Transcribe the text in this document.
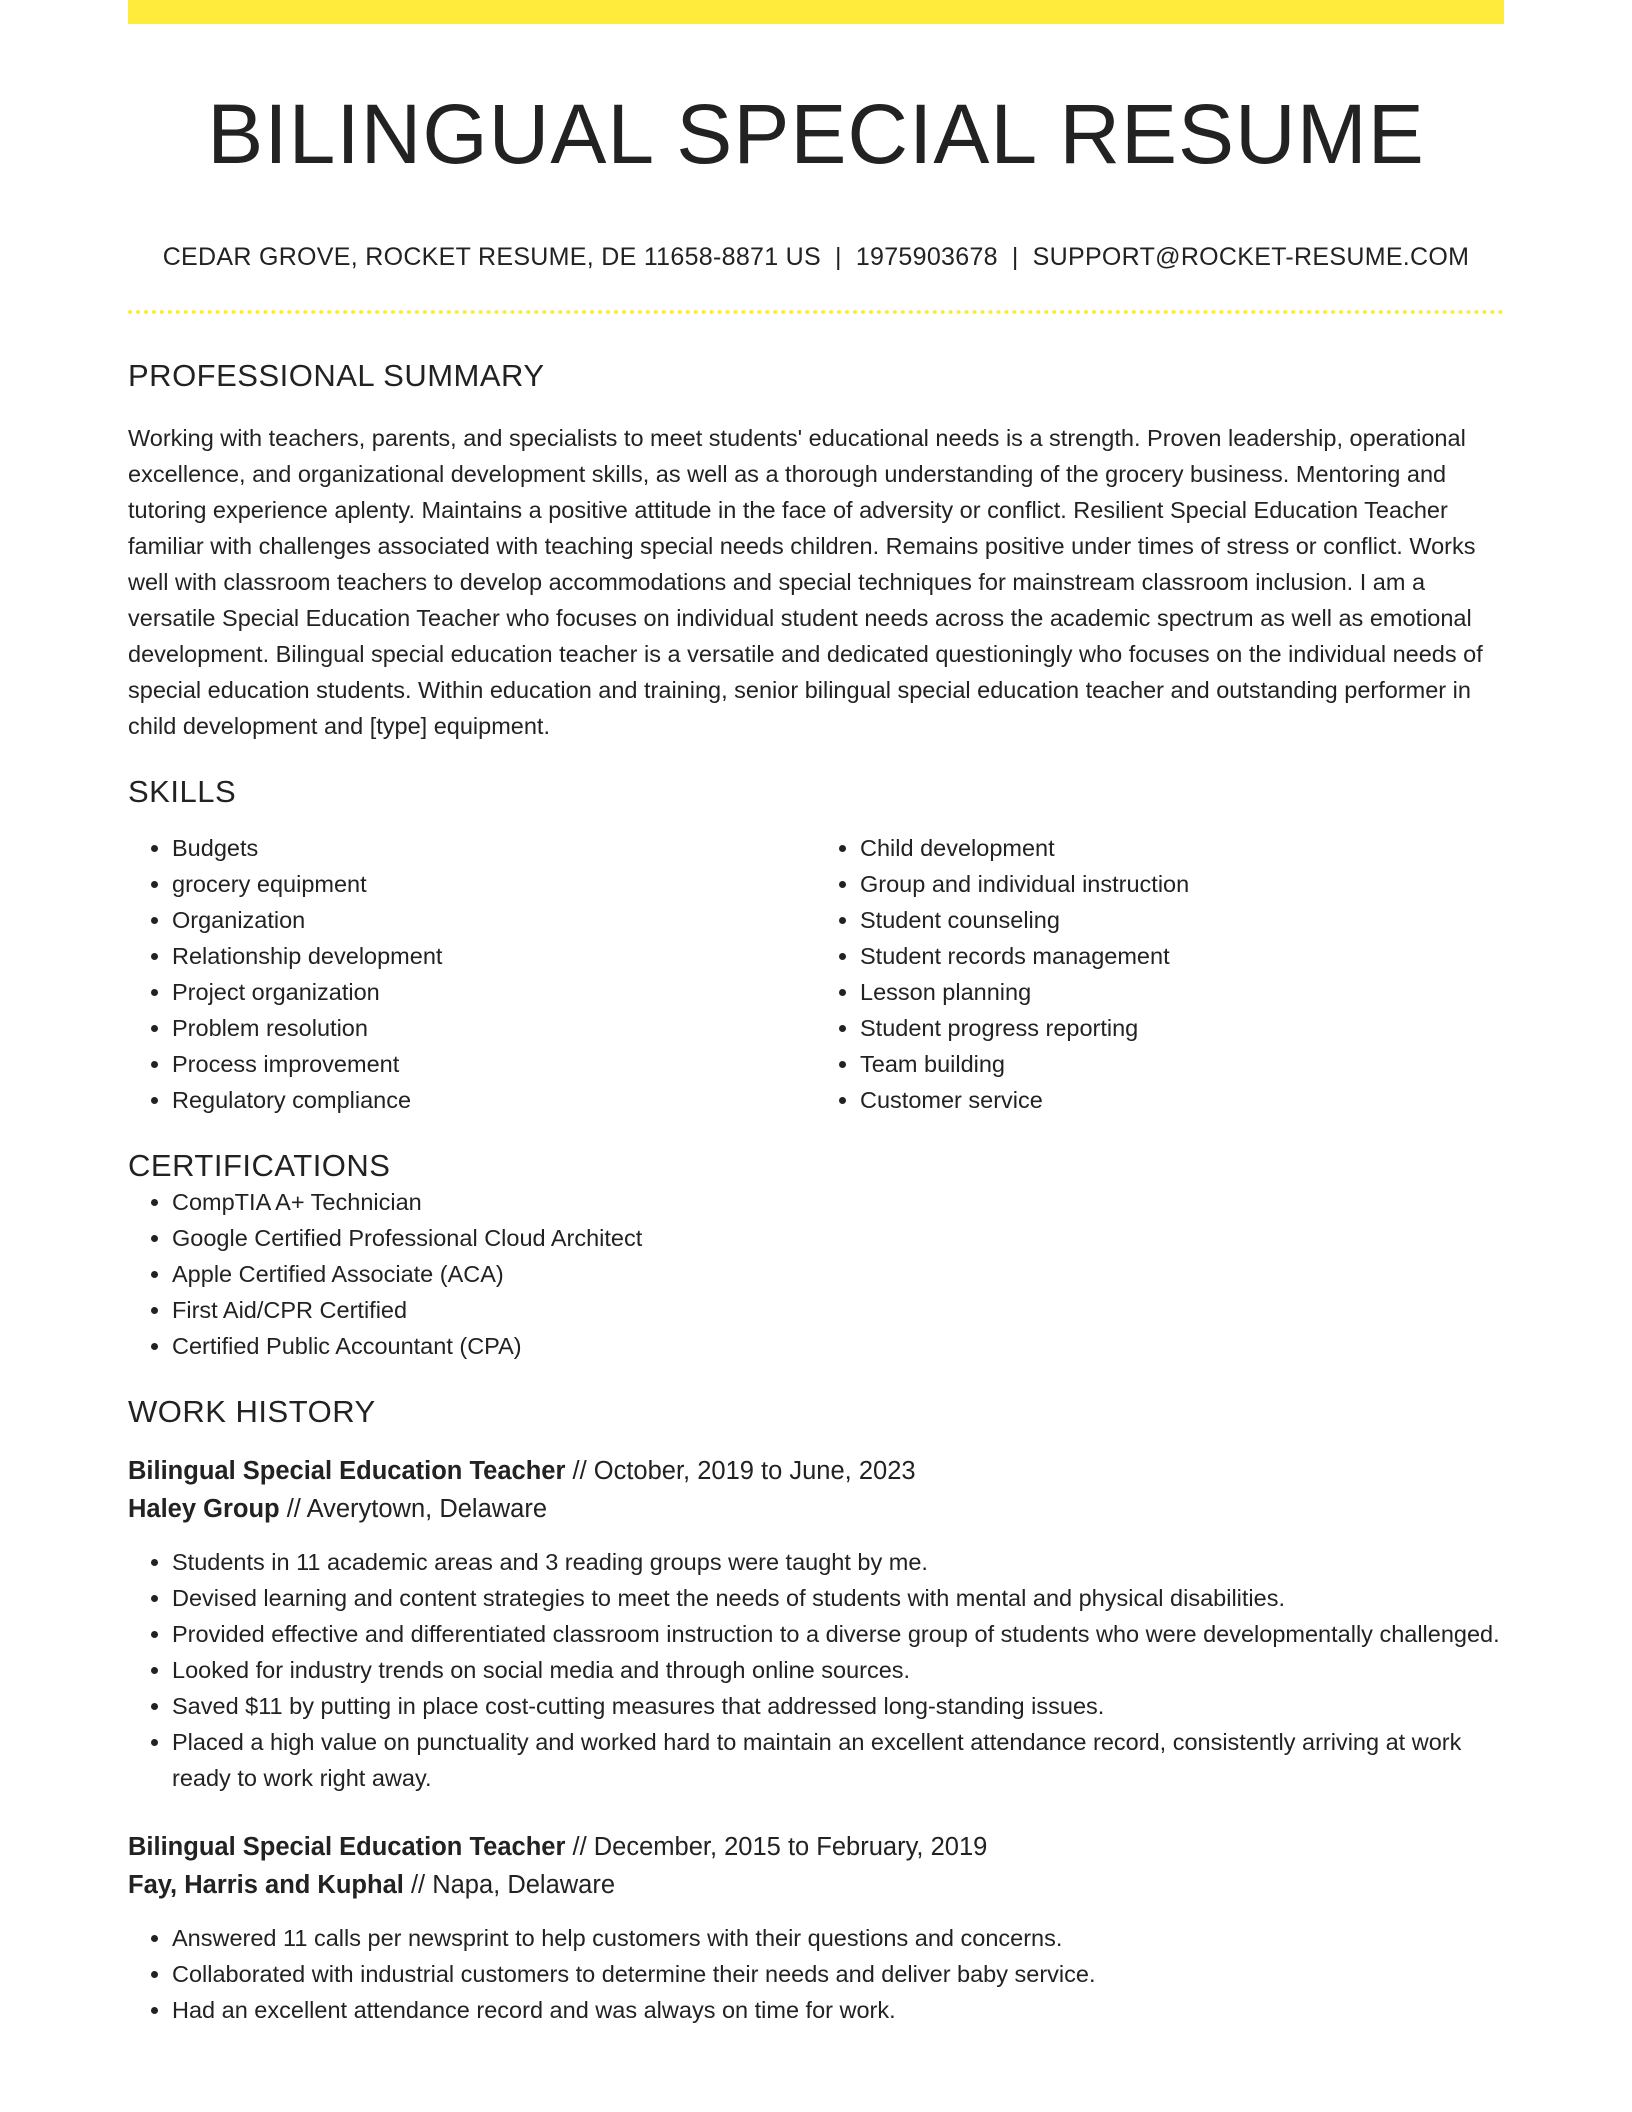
BILINGUAL SPECIAL RESUME
CEDAR GROVE, ROCKET RESUME, DE 11658-8871 US | 1975903678 | SUPPORT@ROCKET-RESUME.COM
PROFESSIONAL SUMMARY

Working with teachers, parents, and specialists to meet students' educational needs is a strength. Proven leadership, operational excellence, and organizational development skills, as well as a thorough understanding of the grocery business. Mentoring and tutoring experience aplenty. Maintains a positive attitude in the face of adversity or conflict. Resilient Special Education Teacher familiar with challenges associated with teaching special needs children. Remains positive under times of stress or conflict. Works well with classroom teachers to develop accommodations and special techniques for mainstream classroom inclusion. I am a versatile Special Education Teacher who focuses on individual student needs across the academic spectrum as well as emotional development. Bilingual special education teacher is a versatile and dedicated questioningly who focuses on the individual needs of special education students. Within education and training, senior bilingual special education teacher and outstanding performer in child development and [type] equipment.

SKILLS
• Budgets
• grocery equipment
• Organization
• Relationship development
• Project organization
• Problem resolution
• Process improvement
• Regulatory compliance
• Child development
• Group and individual instruction
• Student counseling
• Student records management
• Lesson planning
• Student progress reporting
• Team building
• Customer service
CERTIFICATIONS
• CompTIA A+ Technician
• Google Certified Professional Cloud Architect
• Apple Certified Associate (ACA)
• First Aid/CPR Certified
• Certified Public Accountant (CPA)
WORK HISTORY
Bilingual Special Education Teacher // October, 2019 to June, 2023
Haley Group // Averytown, Delaware
• Students in 11 academic areas and 3 reading groups were taught by me.
• Devised learning and content strategies to meet the needs of students with mental and physical disabilities.
• Provided effective and differentiated classroom instruction to a diverse group of students who were developmentally challenged.
• Looked for industry trends on social media and through online sources.
• Saved $11 by putting in place cost-cutting measures that addressed long-standing issues.
• Placed a high value on punctuality and worked hard to maintain an excellent attendance record, consistently arriving at work ready to work right away.
Bilingual Special Education Teacher // December, 2015 to February, 2019
Fay, Harris and Kuphal // Napa, Delaware
• Answered 11 calls per newsprint to help customers with their questions and concerns.
• Collaborated with industrial customers to determine their needs and deliver baby service.
• Had an excellent attendance record and was always on time for work.
